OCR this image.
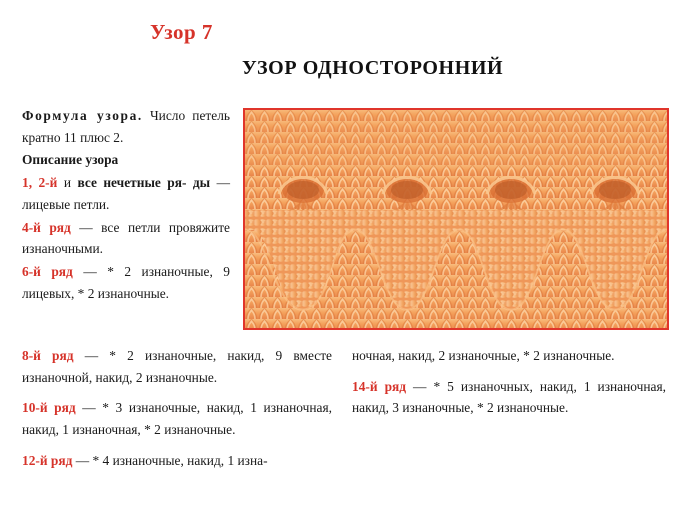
Узор 7
УЗОР ОДНОСТОРОННИЙ

Формула узора. Число петель кратно 11 плюс 2.

Описание узора

1, 2-й и все нечетные ря- ды — лицевые петли.

4-й ряд — все петли провяжите изнаночными.

6-й ряд — * 2 изнаночные, 9 лицевых, * 2 изнаночные.

8-й ряд — * 2 изнаночные, накид, 9 вместе изнаночной, накид, 2 изнаночные.

10-й ряд — * 3 изнаночные, накид, 1 изнаночная, накид, 1 изнаночная, * 2 изнаночные.

12-й ряд — * 4 изнаночные, накид, 1 изна-

ночная, накид, 2 изнаночные, * 2 изнаночные.

14-й ряд — * 5 изнаночных, накид, 1 изнаночная, накид, 3 изнаночные, * 2 изнаночные.
